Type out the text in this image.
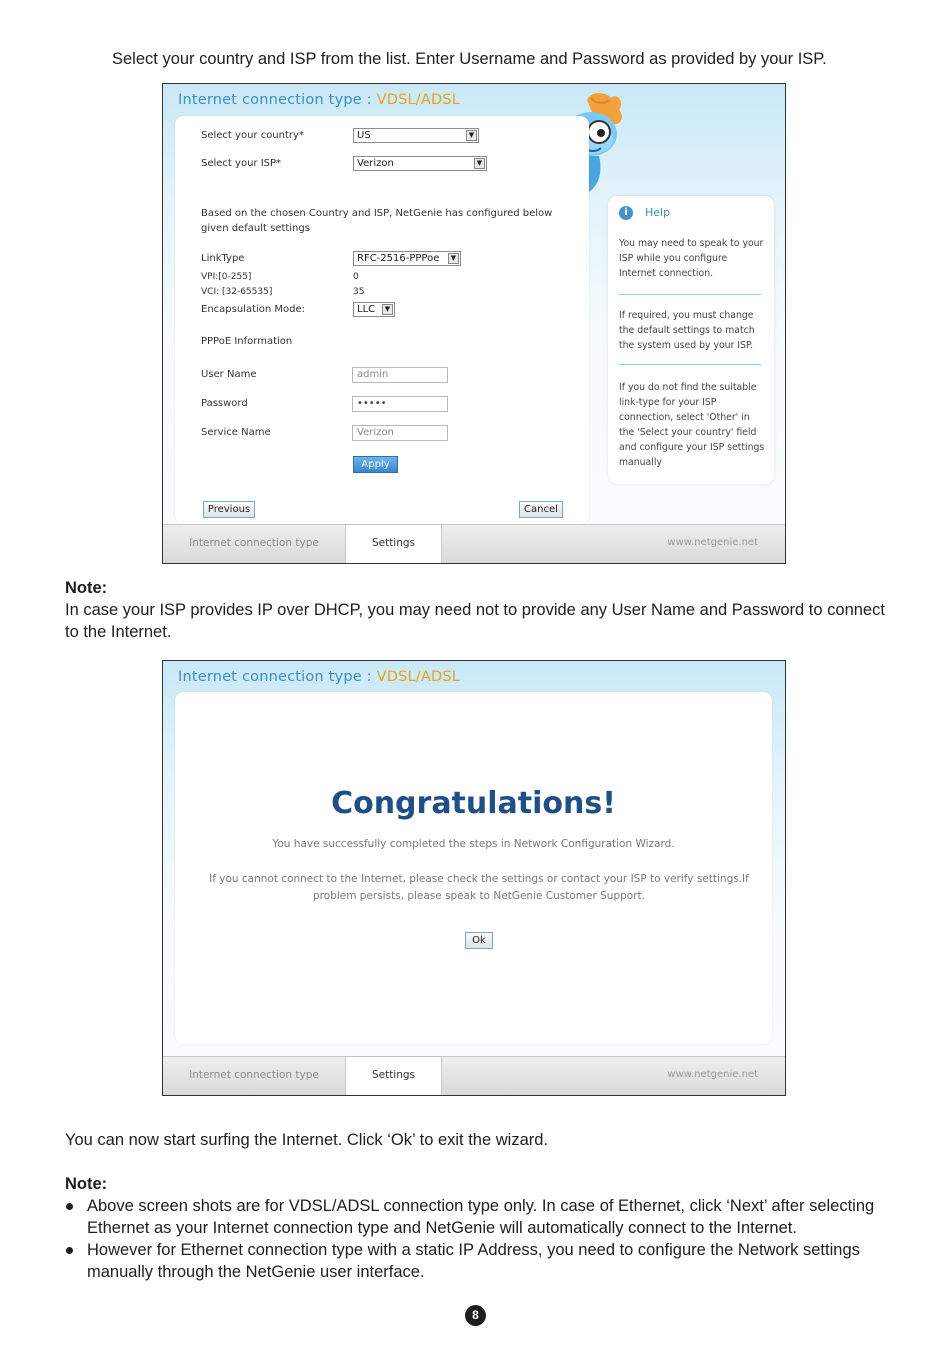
Select your country and ISP from the list. Enter Username and Password as provided by your ISP.
Internet connection type : VDSL/ADSL
Select your country*	US	▼
Select your ISP*	Verizon	▼
Based on the chosen Country and ISP, NetGenie has configured below given default settings
LinkType	RFC-2516-PPPoe	▼
VPI:[0-255]	0
VCI: [32-65535]	35
Encapsulation Mode:	LLC	▼
PPPoE Information
User Name	admin
Password	•••••
Service Name	Verizon
Apply
Previous	Cancel
i	Help
You may need to speak to your ISP while you configure Internet connection.
If required, you must change the default settings to match the system used by your ISP.
If you do not find the suitable link-type for your ISP connection, select 'Other' in the 'Select your country' field and configure your ISP settings manually
Internet connection type	Settings	www.netgenie.net
Note:
In case your ISP provides IP over DHCP, you may need not to provide any User Name and Password to connect to the Internet.
Internet connection type : VDSL/ADSL
Congratulations!
You have successfully completed the steps in Network Configuration Wizard.
If you cannot connect to the Internet, please check the settings or contact your ISP to verify settings.If problem persists, please speak to NetGenie Customer Support.
Ok
Internet connection type	Settings	www.netgenie.net
You can now start surfing the Internet. Click ‘Ok’ to exit the wizard.
Note:
Above screen shots are for VDSL/ADSL connection type only. In case of Ethernet, click ‘Next’ after selecting Ethernet as your Internet connection type and NetGenie will automatically connect to the Internet.
However for Ethernet connection type with a static IP Address, you need to configure the Network settings manually through the NetGenie user interface.
8
